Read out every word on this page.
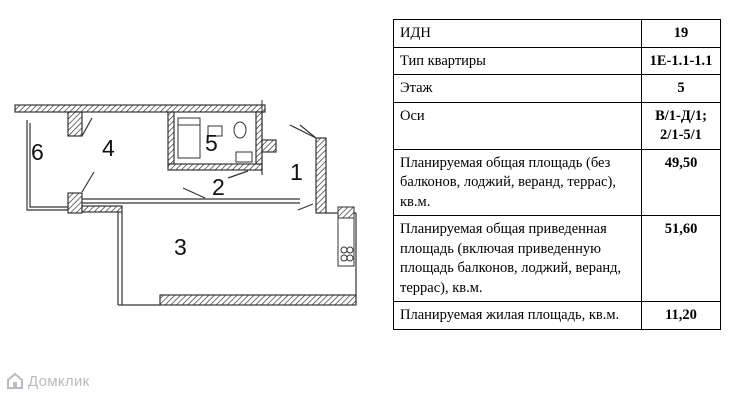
1
2
3
4	5
6
Домклик
ИДН	19
Тип квартиры	1Е-1.1-1.1
Этаж	5
Оси	В/1-Д/1; 2/1-5/1
Планируемая общая площадь (без балконов, лоджий, веранд, террас), кв.м.	49,50
Планируемая общая приведенная площадь (включая приведенную площадь балконов, лоджий, веранд, террас), кв.м.	51,60
Планируемая жилая площадь, кв.м.	11,20
